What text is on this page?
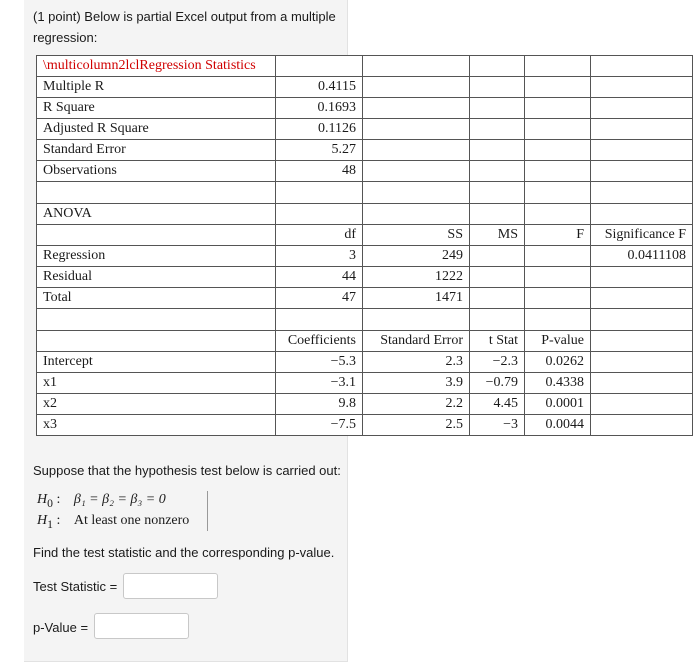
(1 point) Below is partial Excel output from a multiple regression:
\multicolumn2lclRegression Statistics					
Multiple R	0.4115				
R Square	0.1693				
Adjusted R Square	0.1126				
Standard Error	5.27				
Observations	48				

ANOVA					
	df	SS	MS	F	Significance F
Regression	3	249			0.0411108
Residual	44	1222			
Total	47	1471			

	Coefficients	Standard Error	t Stat	P-value	
Intercept	−5.3	2.3	−2.3	0.0262	
x1	−3.1	3.9	−0.79	0.4338	
x2	9.8	2.2	4.45	0.0001	
x3	−7.5	2.5	−3	0.0044	
Suppose that the hypothesis test below is carried out:
$H_0$ : β₁ = β₂ = β₃ = 0
$H_1$ : At least one nonzero
Find the test statistic and the corresponding p-value.
Test Statistic =
p-Value =
